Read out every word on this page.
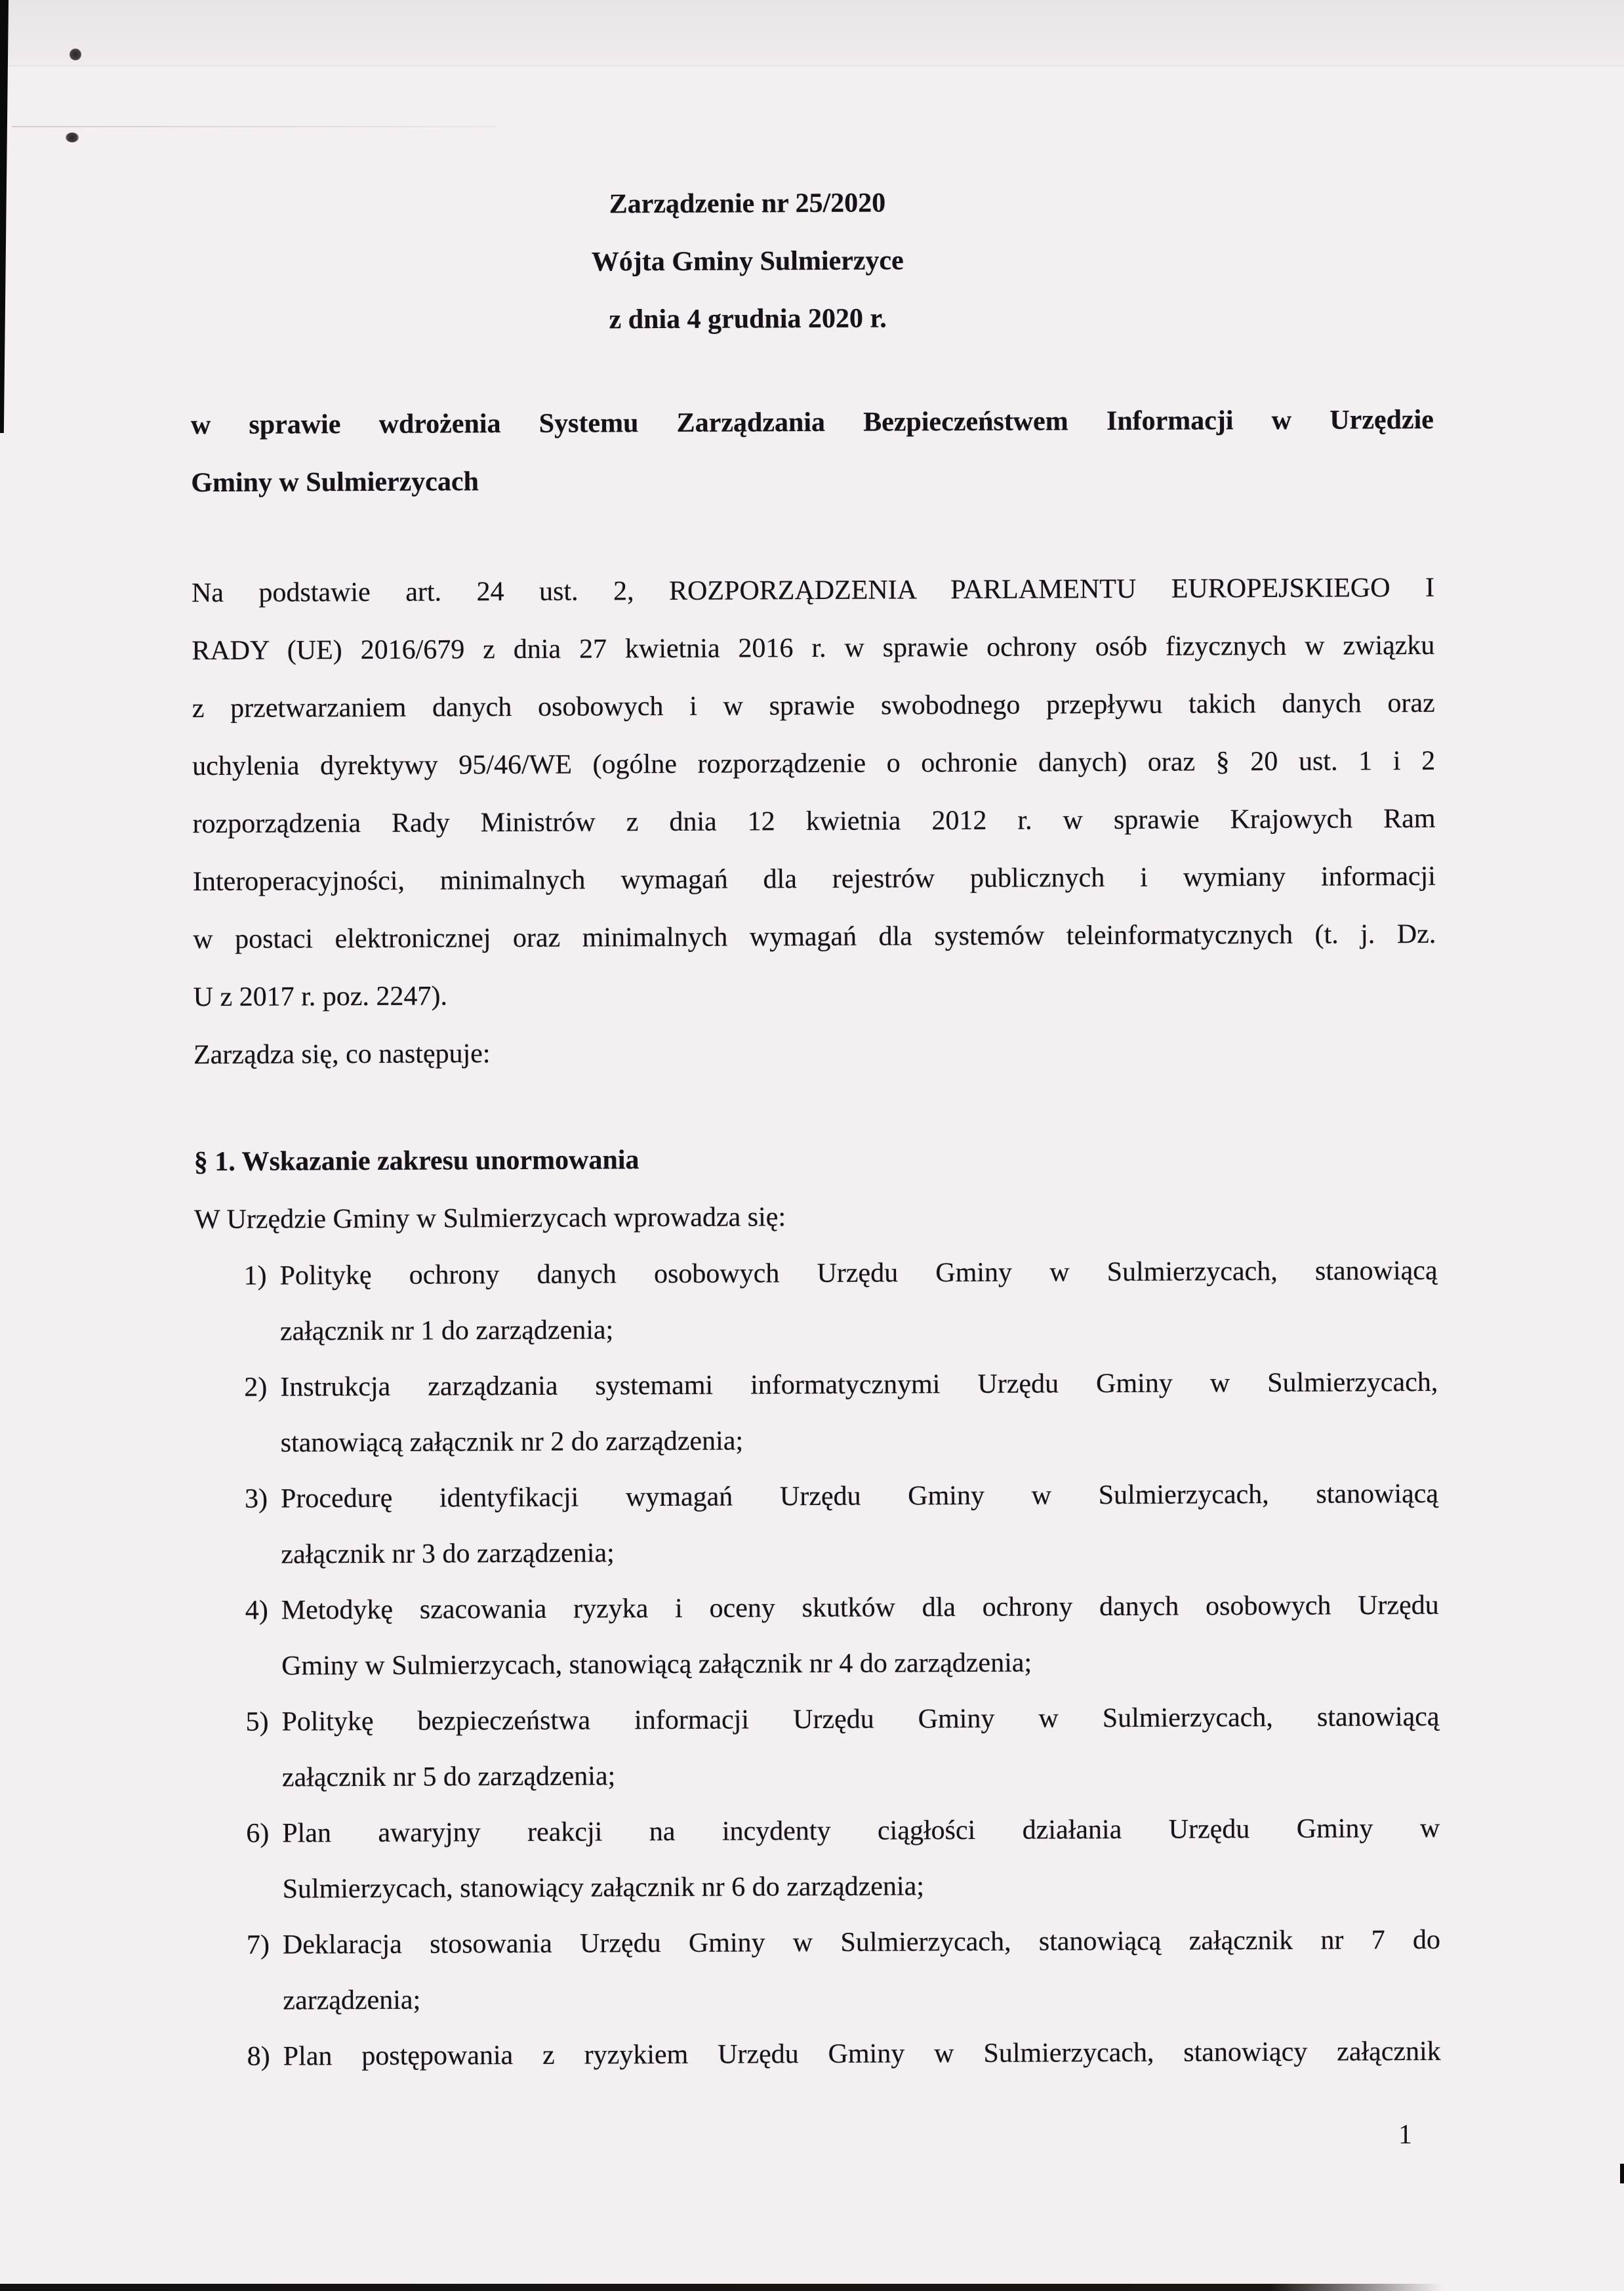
Zarządzenie nr 25/2020
Wójta Gminy Sulmierzyce
z dnia 4 grudnia 2020 r.
w sprawie wdrożenia Systemu Zarządzania Bezpieczeństwem Informacji w Urzędzie
Gminy w Sulmierzycach
Na podstawie art. 24 ust. 2, ROZPORZĄDZENIA PARLAMENTU EUROPEJSKIEGO I
RADY (UE) 2016/679 z dnia 27 kwietnia 2016 r. w sprawie ochrony osób fizycznych w związku
z przetwarzaniem danych osobowych i w sprawie swobodnego przepływu takich danych oraz
uchylenia dyrektywy 95/46/WE (ogólne rozporządzenie o ochronie danych) oraz § 20 ust. 1 i 2
rozporządzenia Rady Ministrów z dnia 12 kwietnia 2012 r. w sprawie Krajowych Ram
Interoperacyjności, minimalnych wymagań dla rejestrów publicznych i wymiany informacji
w postaci elektronicznej oraz minimalnych wymagań dla systemów teleinformatycznych (t. j. Dz.
U z 2017 r. poz. 2247).
Zarządza się, co następuje:
§ 1. Wskazanie zakresu unormowania
W Urzędzie Gminy w Sulmierzycach wprowadza się:
1) Politykę ochrony danych osobowych Urzędu Gminy w Sulmierzycach, stanowiącą
załącznik nr 1 do zarządzenia;
2) Instrukcja zarządzania systemami informatycznymi Urzędu Gminy w Sulmierzycach,
stanowiącą załącznik nr 2 do zarządzenia;
3) Procedurę identyfikacji wymagań Urzędu Gminy w Sulmierzycach, stanowiącą
załącznik nr 3 do zarządzenia;
4) Metodykę szacowania ryzyka i oceny skutków dla ochrony danych osobowych Urzędu
Gminy w Sulmierzycach, stanowiącą załącznik nr 4 do zarządzenia;
5) Politykę bezpieczeństwa informacji Urzędu Gminy w Sulmierzycach, stanowiącą
załącznik nr 5 do zarządzenia;
6) Plan awaryjny reakcji na incydenty ciągłości działania Urzędu Gminy w
Sulmierzycach, stanowiący załącznik nr 6 do zarządzenia;
7) Deklaracja stosowania Urzędu Gminy w Sulmierzycach, stanowiącą załącznik nr 7 do
zarządzenia;
8) Plan postępowania z ryzykiem Urzędu Gminy w Sulmierzycach, stanowiący załącznik
1
